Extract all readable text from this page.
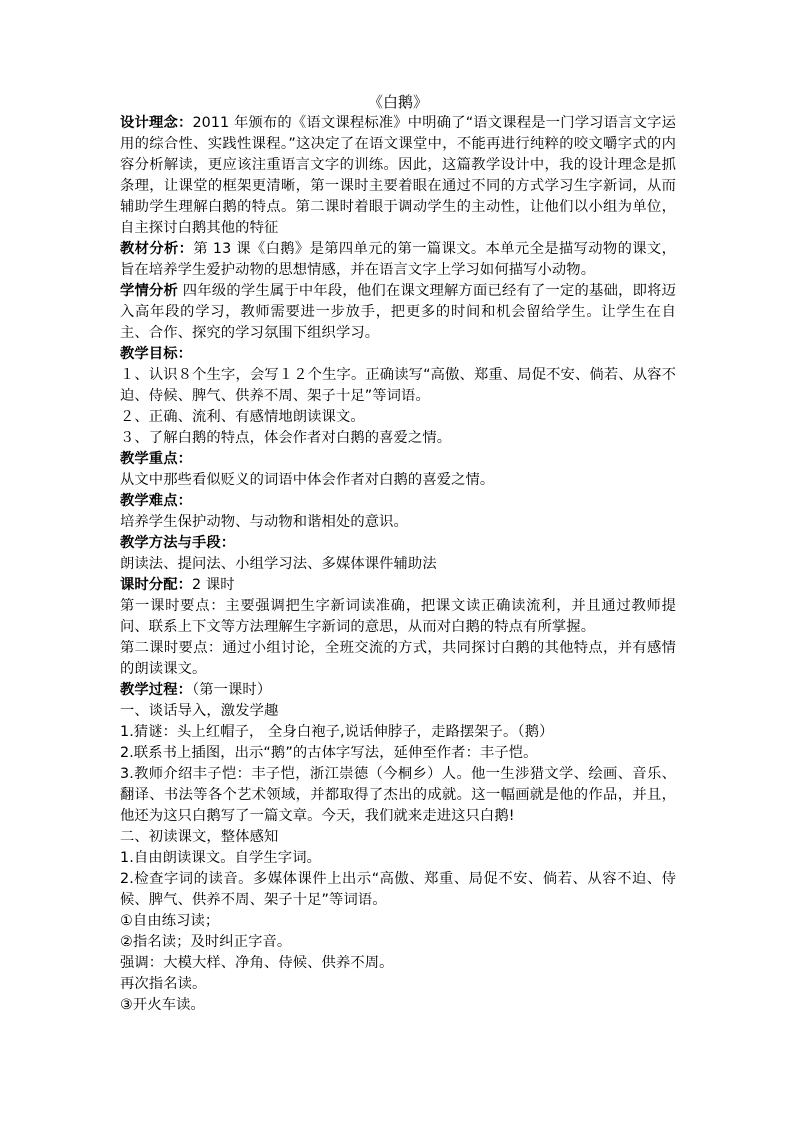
《白鹅》

设计理念：2011 年颁布的《语文课程标准》中明确了“语文课程是一门学习语言文字运用的综合性、实践性课程。”这决定了在语文课堂中，不能再进行纯粹的咬文嚼字式的内容分析解读，更应该注重语言文字的训练。因此，这篇教学设计中，我的设计理念是抓条理，让课堂的框架更清晰，第一课时主要着眼在通过不同的方式学习生字新词，从而辅助学生理解白鹅的特点。第二课时着眼于调动学生的主动性，让他们以小组为单位，自主探讨白鹅其他的特征

教材分析：第 13 课《白鹅》是第四单元的第一篇课文。本单元全是描写动物的课文，旨在培养学生爱护动物的思想情感，并在语言文字上学习如何描写小动物。

学情分析 四年级的学生属于中年段，他们在课文理解方面已经有了一定的基础，即将迈入高年段的学习，教师需要进一步放手，把更多的时间和机会留给学生。让学生在自主、合作、探究的学习氛围下组织学习。

教学目标：

１、认识８个生字，会写１２个生字。正确读写“高傲、郑重、局促不安、倘若、从容不迫、侍候、脾气、供养不周、架子十足”等词语。

２、正确、流利、有感情地朗读课文。

３、了解白鹅的特点，体会作者对白鹅的喜爱之情。

教学重点：

从文中那些看似贬义的词语中体会作者对白鹅的喜爱之情。

教学难点：

培养学生保护动物、与动物和谐相处的意识。

教学方法与手段：

朗读法、提问法、小组学习法、多媒体课件辅助法

课时分配：2 课时

第一课时要点：主要强调把生字新词读准确，把课文读正确读流利，并且通过教师提问、联系上下文等方法理解生字新词的意思，从而对白鹅的特点有所掌握。

第二课时要点：通过小组讨论，全班交流的方式，共同探讨白鹅的其他特点，并有感情的朗读课文。

教学过程：（第一课时）

一、谈话导入，激发学趣

1.猜谜：头上红帽子， 全身白袍子,说话伸脖子，走路摆架子。（鹅）

2.联系书上插图，出示“鹅”的古体字写法，延伸至作者：丰子恺。

3.教师介绍丰子恺：丰子恺，浙江崇德（今桐乡）人。他一生涉猎文学、绘画、音乐、翻译、书法等各个艺术领域，并都取得了杰出的成就。这一幅画就是他的作品，并且，他还为这只白鹅写了一篇文章。今天，我们就来走进这只白鹅!

二、初读课文，整体感知

1.自由朗读课文。自学生字词。

2.检查字词的读音。多媒体课件上出示“高傲、郑重、局促不安、倘若、从容不迫、侍候、脾气、供养不周、架子十足”等词语。

①自由练习读；

②指名读；及时纠正字音。

强调：大模大样、净角、侍候、供养不周。

再次指名读。

③开火车读。
